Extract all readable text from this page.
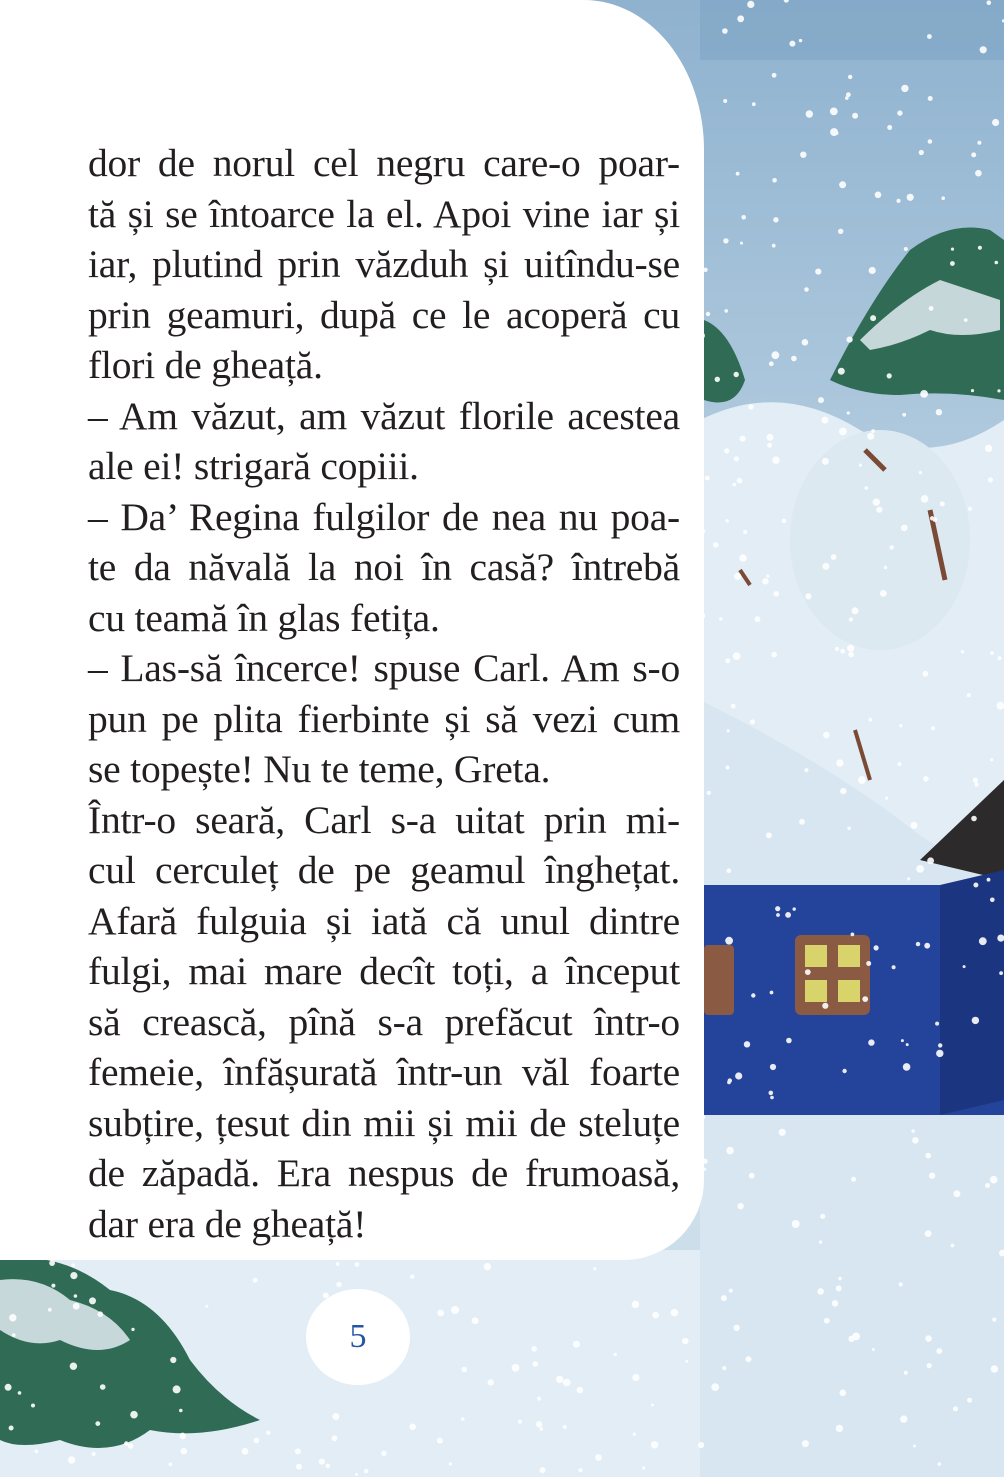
dor de norul cel negru care-o poar-
tă și se întoarce la el. Apoi vine iar și
iar, plutind prin văzduh și uitîndu-se
prin geamuri, după ce le acoperă cu
flori de gheață.
– Am văzut, am văzut florile acestea
ale ei! strigară copiii.
– Da’ Regina fulgilor de nea nu poa-
te da năvală la noi în casă? întrebă
cu teamă în glas fetița.
– Las-să încerce! spuse Carl. Am s-o
pun pe plita fierbinte și să vezi cum
se topește! Nu te teme, Greta.
Într-o seară, Carl s-a uitat prin mi-
cul cerculeț de pe geamul înghețat.
Afară fulguia și iată că unul dintre
fulgi, mai mare decît toți, a început
să crească, pînă s-a prefăcut într-o
femeie, înfășurată într-un văl foarte
subțire, țesut din mii și mii de steluțe
de zăpadă. Era nespus de frumoasă,
dar era de gheață!
5
